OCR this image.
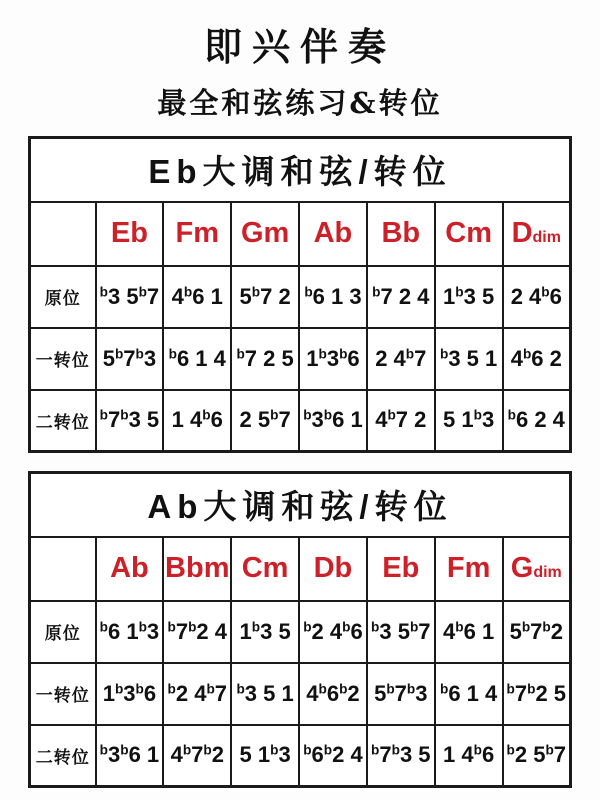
即兴伴奏
最全和弦练习&转位
Eb大调和弦/转位							
	Eb	Fm	Gm	Ab	Bb	Cm	Ddim
原位	$^b$3 5$^b$7	4$^b$6 1	5$^b$7 2	$^b$6 1 3	$^b$7 2 4	1$^b$3 5	2 4$^b$6
一转位	5$^b$7$^b$3	$^b$6 1 4	$^b$7 2 5	1$^b$3$^b$6	2 4$^b$7	$^b$3 5 1	4$^b$6 2
二转位	$^b$7$^b$3 5	1 4$^b$6	2 5$^b$7	$^b$3$^b$6 1	4$^b$7 2	5 1$^b$3	$^b$6 2 4
Ab大调和弦/转位							
	Ab	Bbm	Cm	Db	Eb	Fm	Gdim
原位	$^b$6 1$^b$3	$^b$7$^b$2 4	1$^b$3 5	$^b$2 4$^b$6	$^b$3 5$^b$7	4$^b$6 1	5$^b$7$^b$2
一转位	1$^b$3$^b$6	$^b$2 4$^b$7	$^b$3 5 1	4$^b$6$^b$2	5$^b$7$^b$3	$^b$6 1 4	$^b$7$^b$2 5
二转位	$^b$3$^b$6 1	4$^b$7$^b$2	5 1$^b$3	$^b$6$^b$2 4	$^b$7$^b$3 5	1 4$^b$6	$^b$2 5$^b$7
